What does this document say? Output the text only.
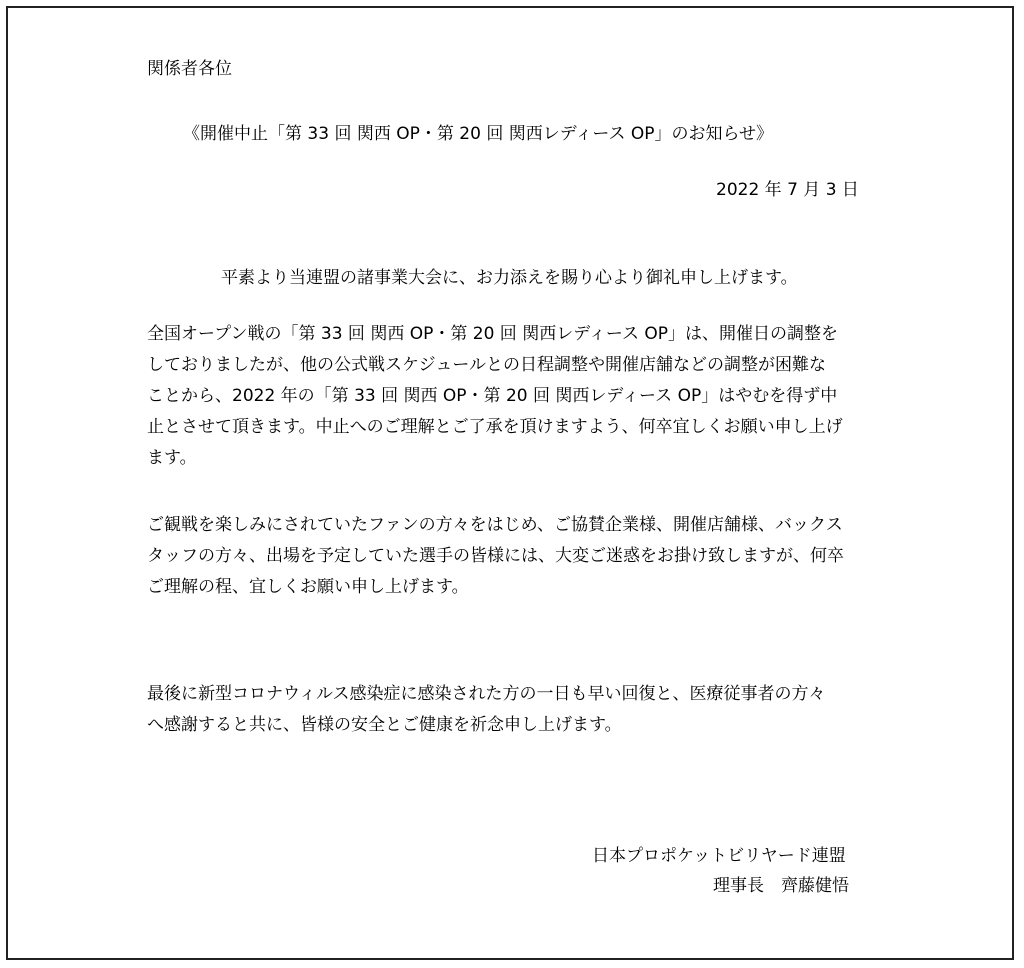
関係者各位

《開催中止「第 33 回 関西 OP・第 20 回 関西レディース OP」のお知らせ》

2022 年 7 月 3 日

平素より当連盟の諸事業大会に、お力添えを賜り心より御礼申し上げます。

全国オープン戦の「第 33 回 関西 OP・第 20 回 関西レディース OP」は、開催日の調整を
しておりましたが、他の公式戦スケジュールとの日程調整や開催店舗などの調整が困難な
ことから、2022 年の「第 33 回 関西 OP・第 20 回 関西レディース OP」はやむを得ず中
止とさせて頂きます。中止へのご理解とご了承を頂けますよう、何卒宜しくお願い申し上げ
ます。
ご観戦を楽しみにされていたファンの方々をはじめ、ご協賛企業様、開催店舗様、バックス
タッフの方々、出場を予定していた選手の皆様には、大変ご迷惑をお掛け致しますが、何卒
ご理解の程、宜しくお願い申し上げます。
最後に新型コロナウィルス感染症に感染された方の一日も早い回復と、医療従事者の方々
へ感謝すると共に、皆様の安全とご健康を祈念申し上げます。

日本プロポケットビリヤード連盟

理事長　齊藤健悟
